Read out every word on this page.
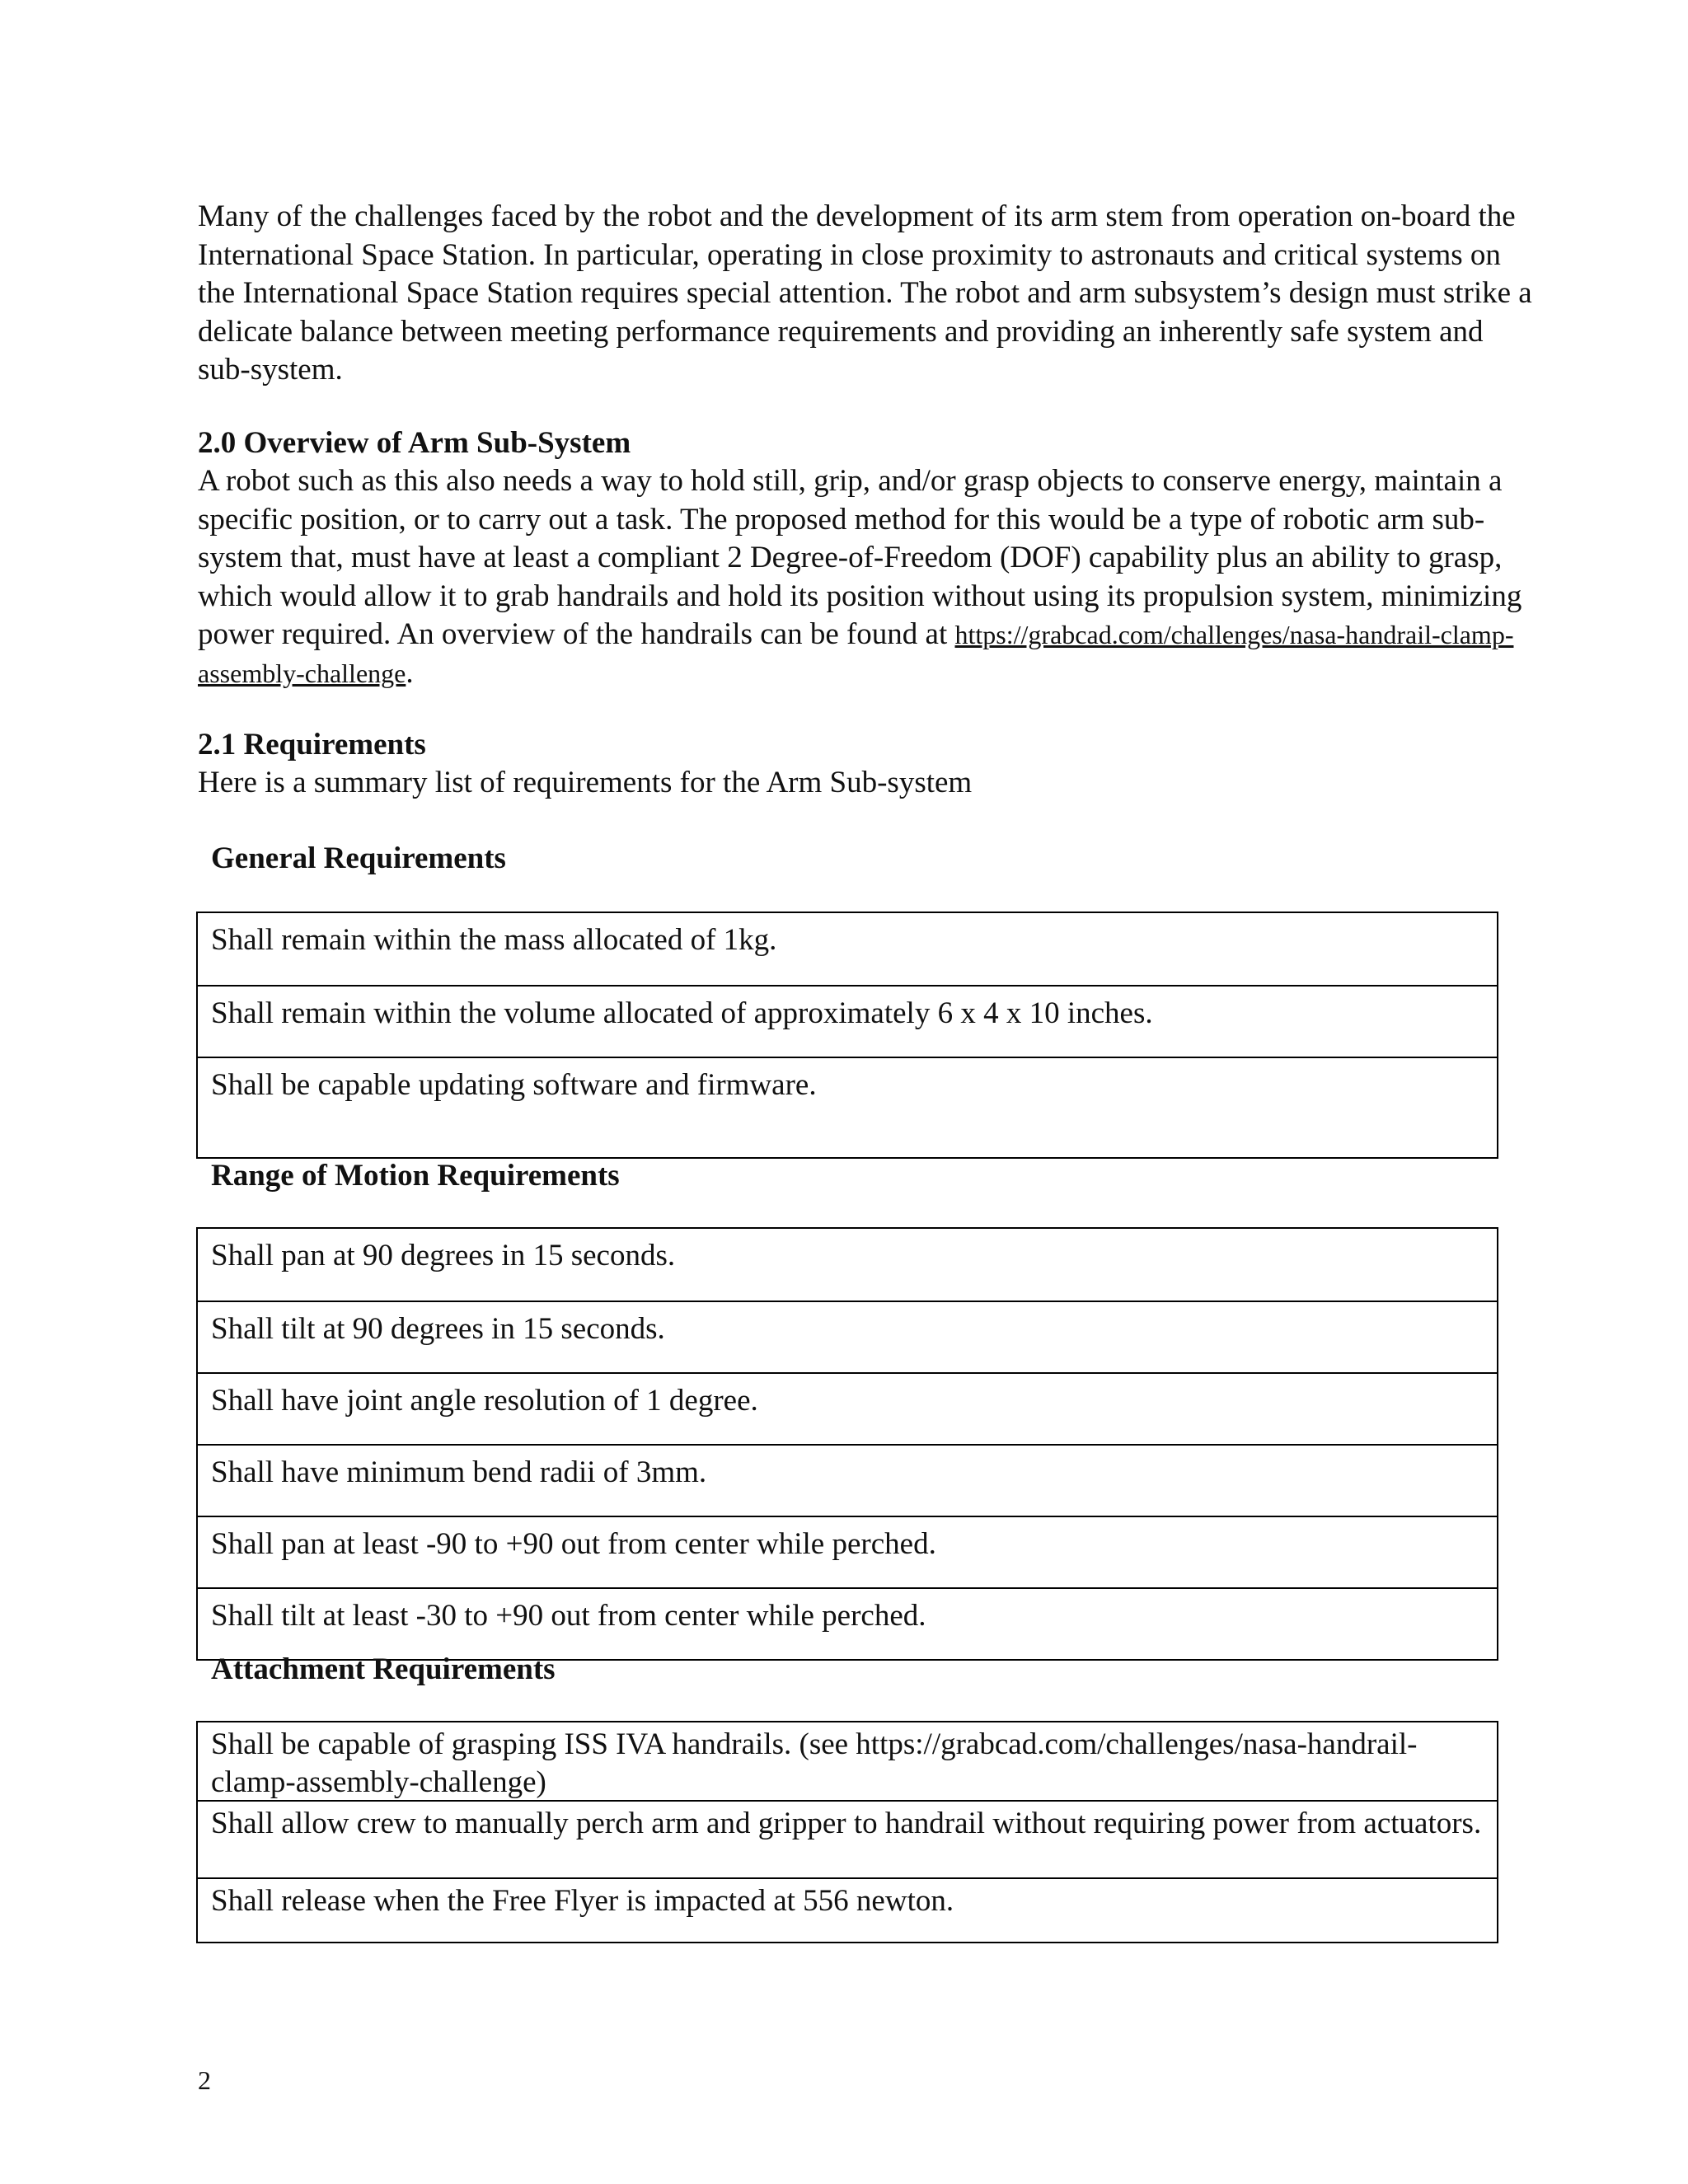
Many of the challenges faced by the robot and the development of its arm stem from operation on-board the International Space Station. In particular, operating in close proximity to astronauts and critical systems on the International Space Station requires special attention. The robot and arm subsystem’s design must strike a delicate balance between meeting performance requirements and providing an inherently safe system and sub-system.

2.0 Overview of Arm Sub-System

A robot such as this also needs a way to hold still, grip, and/or grasp objects to conserve energy, maintain a specific position, or to carry out a task. The proposed method for this would be a type of robotic arm sub-system that, must have at least a compliant 2 Degree-of-Freedom (DOF) capability plus an ability to grasp, which would allow it to grab handrails and hold its position without using its propulsion system, minimizing power required. An overview of the handrails can be found at https://grabcad.com/challenges/nasa-handrail-clamp-assembly-challenge.

2.1 Requirements

Here is a summary list of requirements for the Arm Sub-system

General Requirements

Shall remain within the mass allocated of 1kg.
Shall remain within the volume allocated of approximately 6 x 4 x 10 inches.
Shall be capable updating software and firmware.

Range of Motion Requirements

Shall pan at 90 degrees in 15 seconds.
Shall tilt at 90 degrees in 15 seconds.
Shall have joint angle resolution of 1 degree.
Shall have minimum bend radii of 3mm.
Shall pan at least -90 to +90 out from center while perched.
Shall tilt at least -30 to +90 out from center while perched.

Attachment Requirements

Shall be capable of grasping ISS IVA handrails. (see https://grabcad.com/challenges/nasa-handrail-clamp-assembly-challenge)
Shall allow crew to manually perch arm and gripper to handrail without requiring power from actuators.
Shall release when the Free Flyer is impacted at 556 newton.
2
